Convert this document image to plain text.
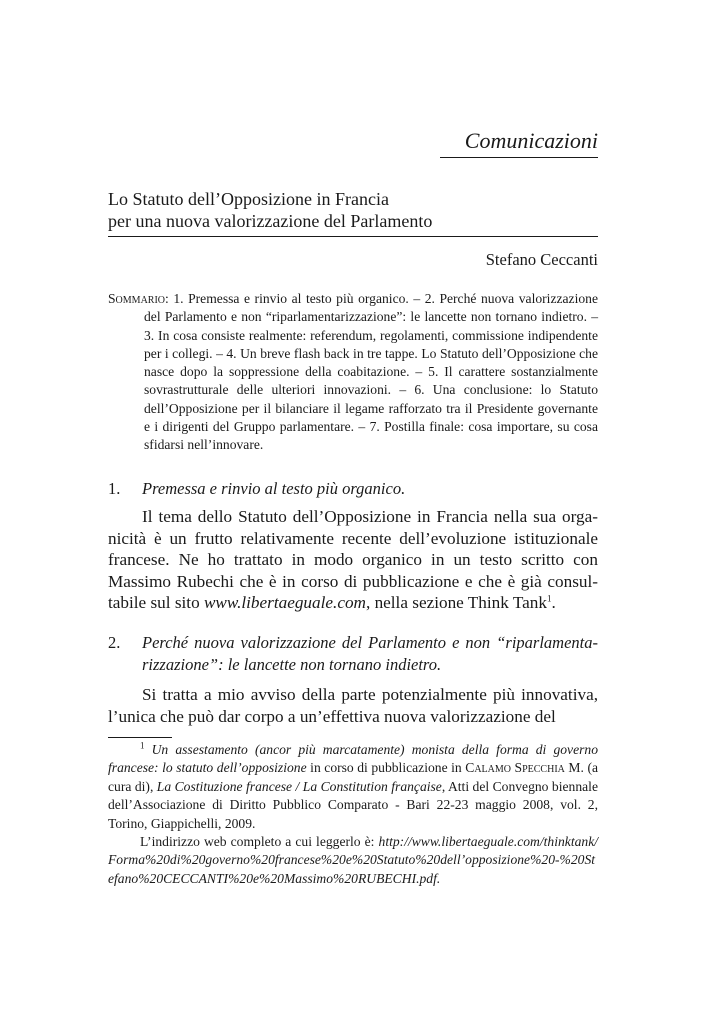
Comunicazioni
Lo Statuto dell’Opposizione in Francia
per una nuova valorizzazione del Parlamento
Stefano Ceccanti
Sommario: 1. Premessa e rinvio al testo più organico. – 2. Perché nuova valorizzazione del Parlamento e non “riparlamentarizzazione”: le lancette non tornano indietro. – 3. In cosa consiste realmente: referendum, regolamenti, commissione indipendente per i collegi. – 4. Un breve flash back in tre tappe. Lo Statuto dell’Opposizione che nasce dopo la soppressione della coabitazione. – 5. Il carattere sostanzialmente sovrastrutturale delle ulteriori innovazioni. – 6. Una conclusione: lo Statuto dell’Opposizione per il bilanciare il legame rafforzato tra il Presidente governante e i dirigenti del Gruppo parlamentare. – 7. Postilla finale: cosa importare, su cosa sfidarsi nell’innovare.
1.	Premessa e rinvio al testo più organico.
Il tema dello Statuto dell’Opposizione in Francia nella sua organicità è un frutto relativamente recente dell’evoluzione istituzionale francese. Ne ho trattato in modo organico in un testo scritto con Massimo Rubechi che è in corso di pubblicazione e che è già consultabile sul sito www.libertaeguale.com, nella sezione Think Tank$^1$.
2.	Perché nuova valorizzazione del Parlamento e non “riparlamentarizzazione”: le lancette non tornano indietro.
Si tratta a mio avviso della parte potenzialmente più innovativa, l’unica che può dar corpo a un’effettiva nuova valorizzazione del

$^1$ Un assestamento (ancor più marcatamente) monista della forma di governo francese: lo statuto dell’opposizione in corso di pubblicazione in Calamo Specchia M. (a cura di), La Costituzione francese / La Constitution française, Atti del Convegno biennale dell’Associazione di Diritto Pubblico Comparato - Bari 22-23 maggio 2008, vol. 2, Torino, Giappichelli, 2009.

L’indirizzo web completo a cui leggerlo è: http://www.libertaeguale.com/thinktank/Forma%20di%20governo%20francese%20e%20Statuto%20dell’opposizione%20-%20Stefano%20CECCANTI%20e%20Massimo%20RUBECHI.pdf.
